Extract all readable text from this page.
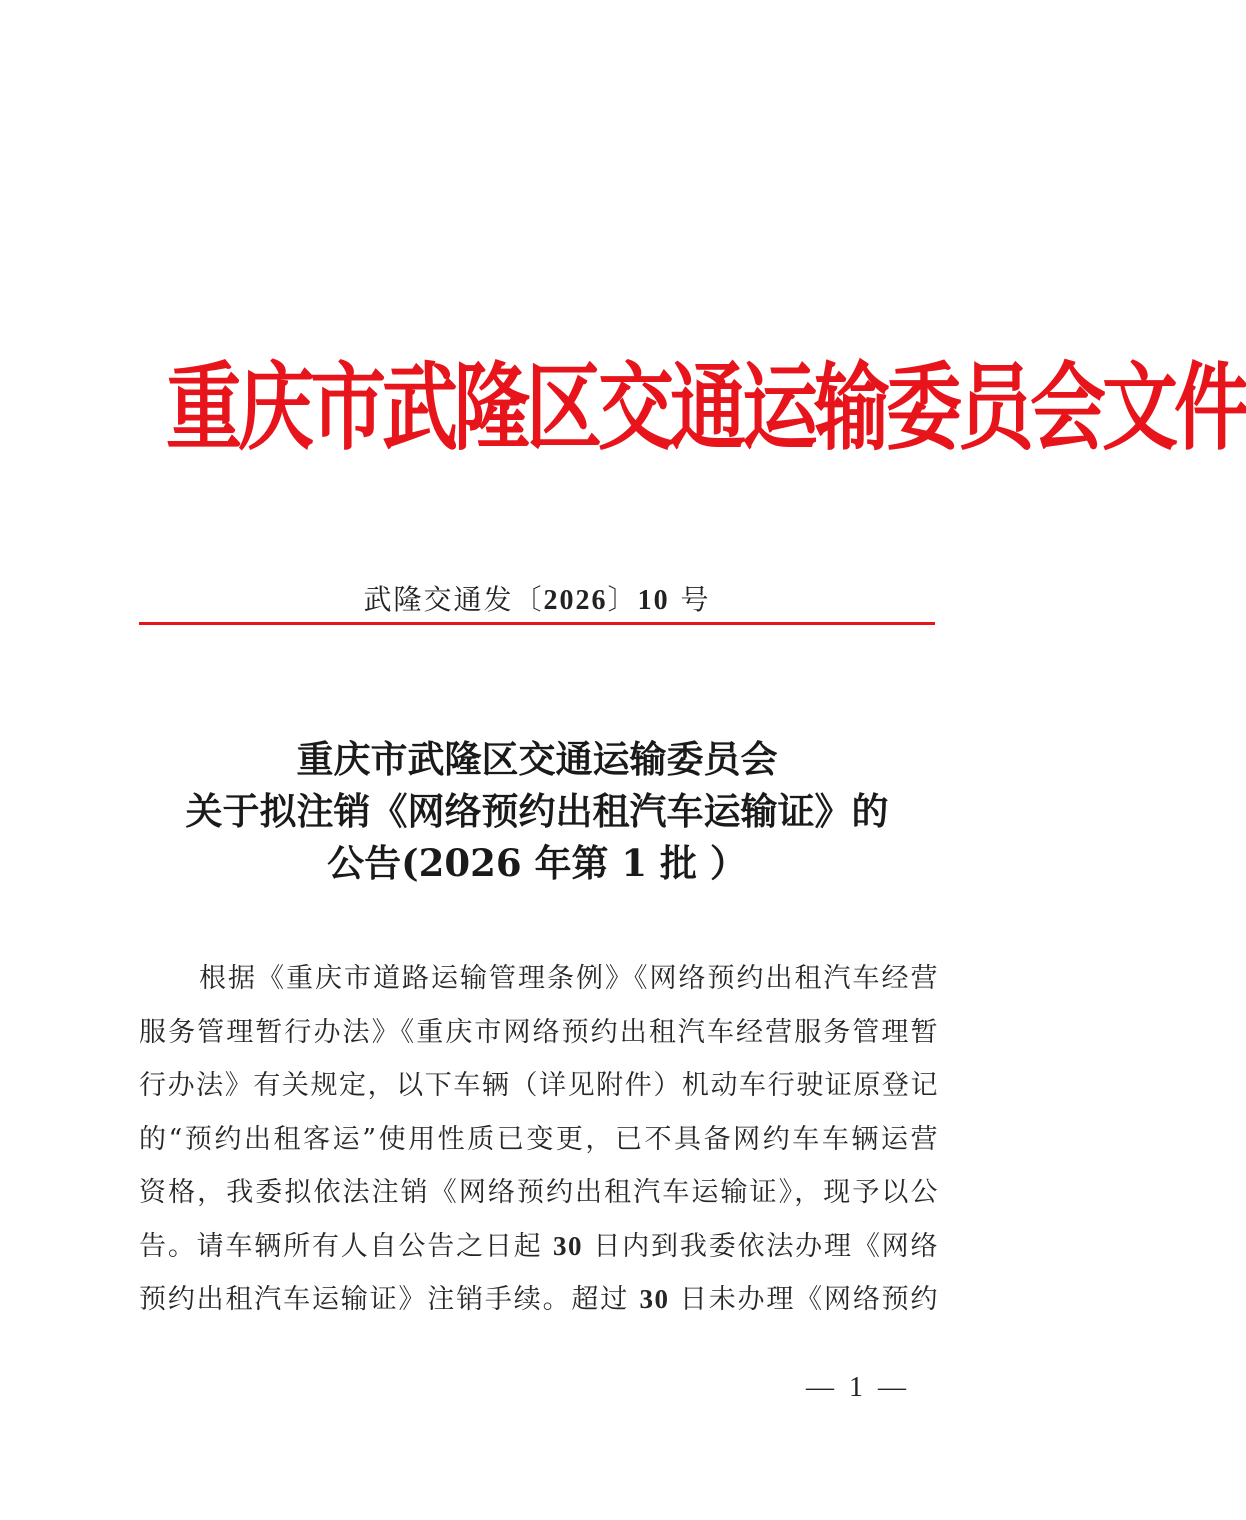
重 庆 市 武 隆 区 交 通 运 输 委 员 会 文 件
武隆交通发〔2026〕10 号
重庆市武隆区交通运输委员会
关于拟注销《网络预约出租汽车运输证》的
公告(2026 年第 1 批 ）
根据《重庆市道路运输管理条例》《网络预约出租汽车经营
服务管理暂行办法》《重庆市网络预约出租汽车经营服务管理暂
行办法》有关规定，以下车辆（详见附件）机动车行驶证原登记
的“预约出租客运”使用性质已变更，已不具备网约车车辆运营
资格，我委拟依法注销《网络预约出租汽车运输证》，现予以公
告。请车辆所有人自公告之日起 30 日内到我委依法办理《网络
预约出租汽车运输证》注销手续。超过 30 日未办理《网络预约
— 1 —
